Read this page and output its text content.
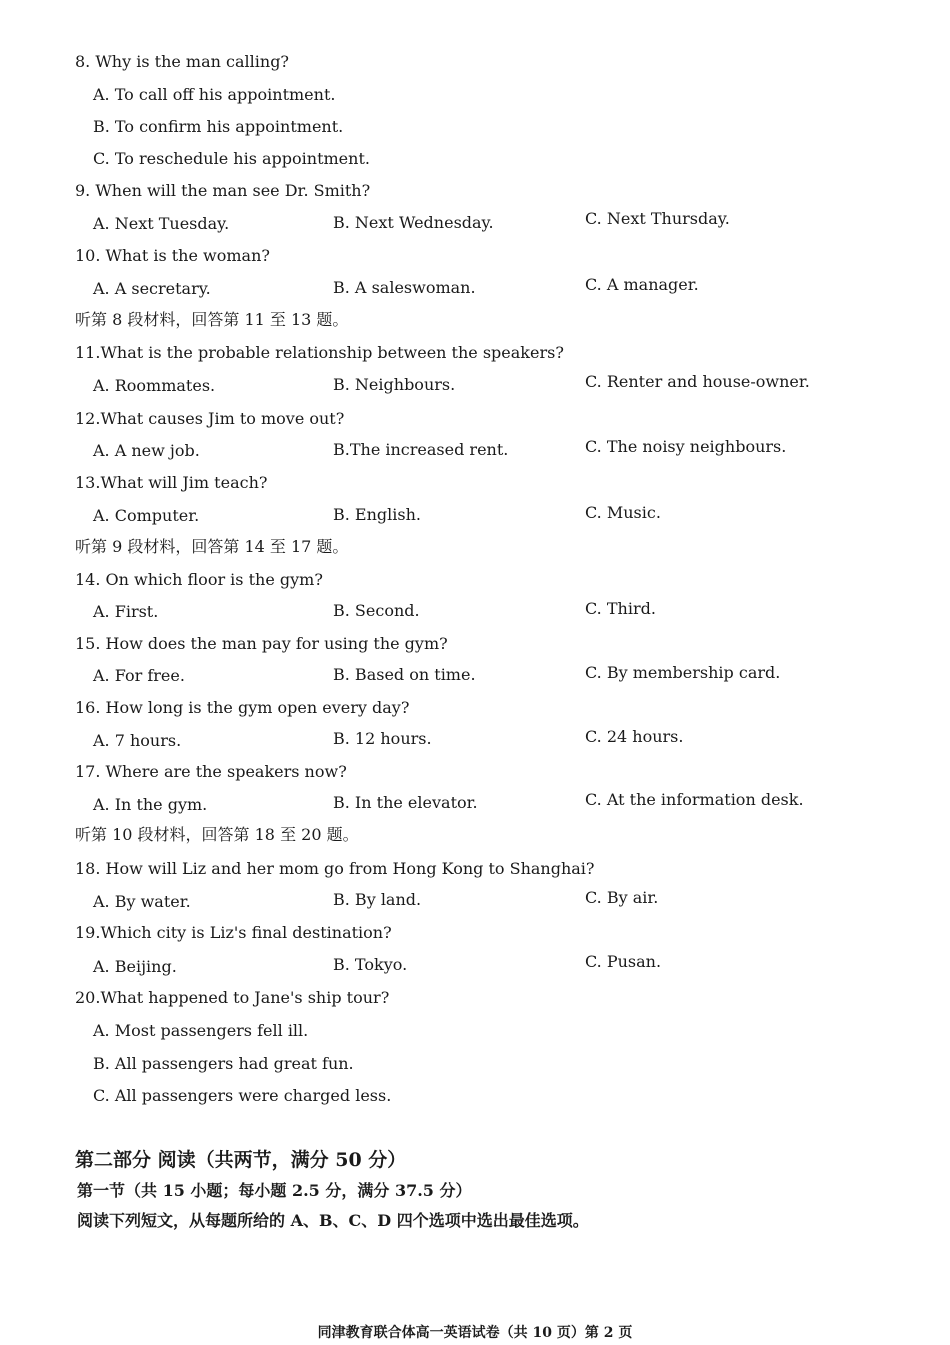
8. Why is the man calling?
A. To call off his appointment.
B. To confirm his appointment.
C. To reschedule his appointment.
9. When will the man see Dr. Smith?
A. Next Tuesday.	B. Next Wednesday.	C. Next Thursday.
10. What is the woman?
A. A secretary.	B. A saleswoman.	C. A manager.
听第 8 段材料，回答第 11 至 13 题。
11.What is the probable relationship between the speakers?
A. Roommates.	B. Neighbours.	C. Renter and house-owner.
12.What causes Jim to move out?
A. A new job.	B.The increased rent.	C. The noisy neighbours.
13.What will Jim teach?
A. Computer.	B. English.	C. Music.
听第 9 段材料，回答第 14 至 17 题。
14. On which floor is the gym?
A. First.	B. Second.	C. Third.
15. How does the man pay for using the gym?
A. For free.	B. Based on time.	C. By membership card.
16. How long is the gym open every day?
A. 7 hours.	B. 12 hours.	C. 24 hours.
17. Where are the speakers now?
A. In the gym.	B. In the elevator.	C. At the information desk.
听第 10 段材料，回答第 18 至 20 题。
18. How will Liz and her mom go from Hong Kong to Shanghai?
A. By water.	B. By land.	C. By air.
19.Which city is Liz's final destination?
A. Beijing.	B. Tokyo.	C. Pusan.
20.What happened to Jane's ship tour?
A. Most passengers fell ill.
B. All passengers had great fun.
C. All passengers were charged less.
第二部分 阅读（共两节，满分 50 分）
第一节（共 15 小题；每小题 2.5 分，满分 37.5 分）
阅读下列短文，从每题所给的 A、B、C、D 四个选项中选出最佳选项。
同津教育联合体高一英语试卷（共 10 页）第 2 页
